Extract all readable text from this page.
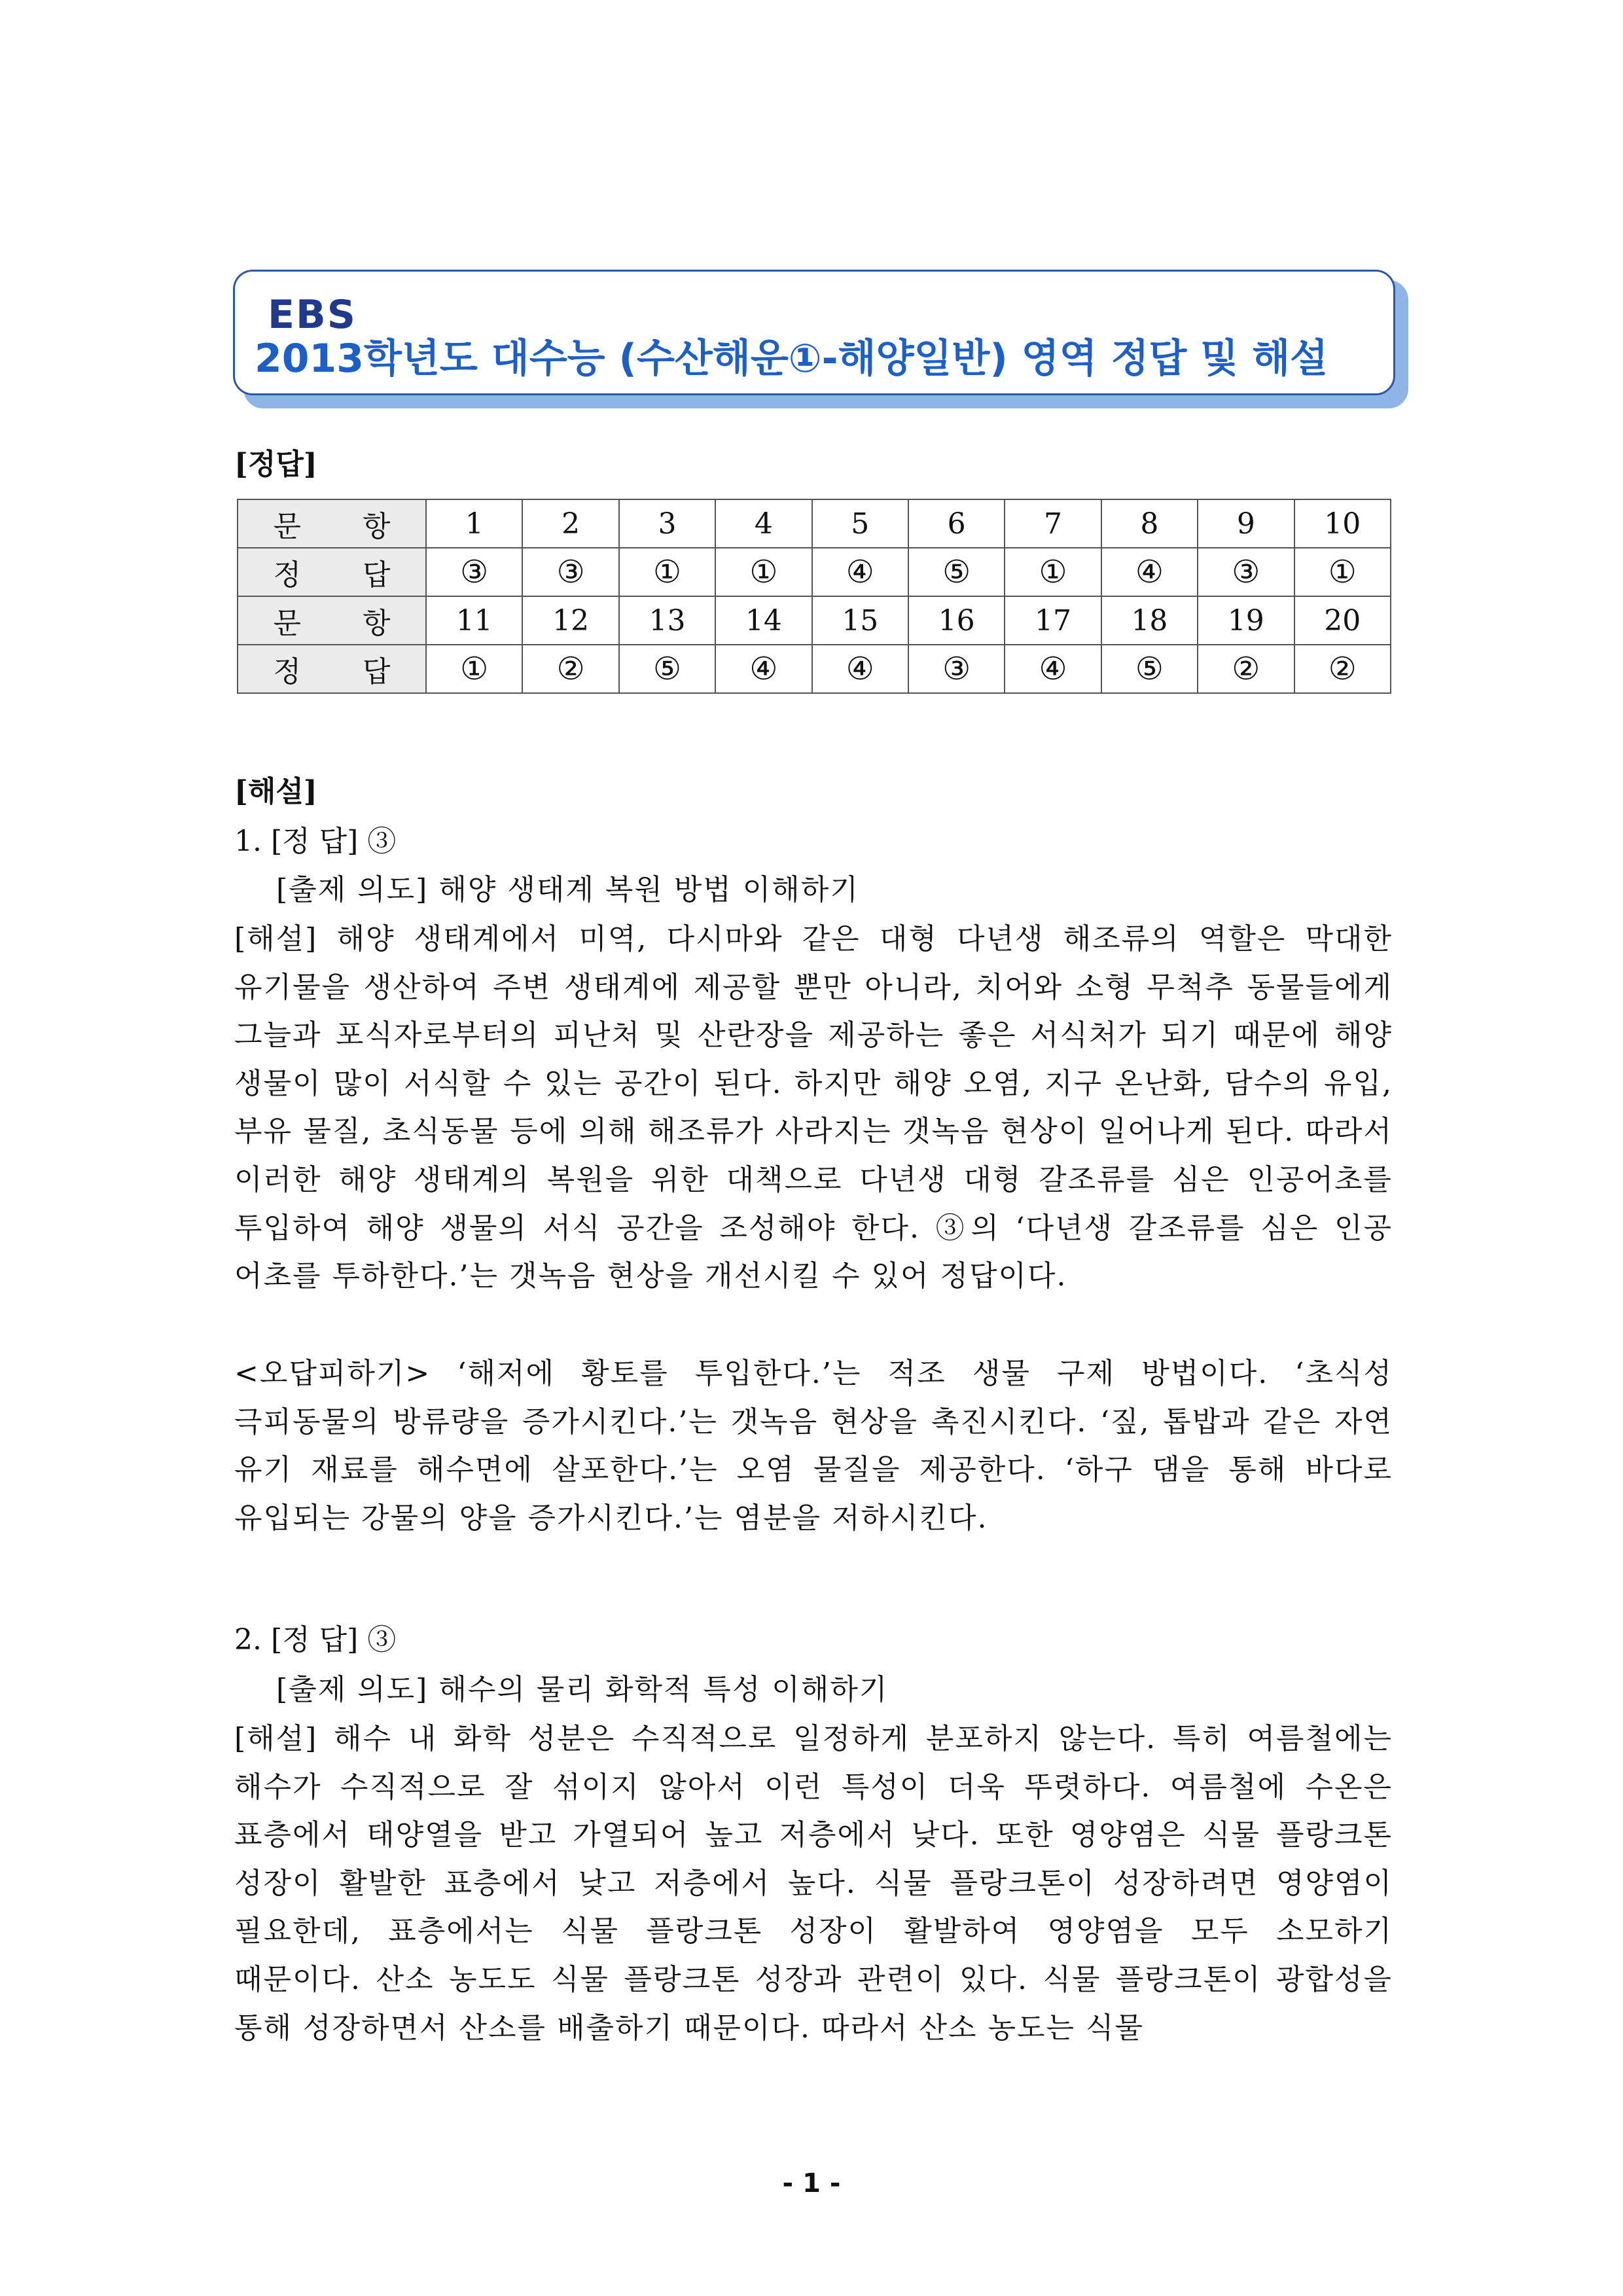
EBS
2013학년도 대수능 (수산해운①-해양일반) 영역 정답 및 해설
[정답]
문 항	1	2	3	4	5	6	7	8	9	10
정 답	③	③	①	①	④	⑤	①	④	③	①
문 항	11	12	13	14	15	16	17	18	19	20
정 답	①	②	⑤	④	④	③	④	⑤	②	②
[해설]
1. [정 답] ③
[출제 의도] 해양 생태계 복원 방법 이해하기
[해설] 해양 생태계에서 미역, 다시마와 같은 대형 다년생 해조류의 역할은 막대한 유기물을 생산하여 주변 생태계에 제공할 뿐만 아니라, 치어와 소형 무척추 동물들에게 그늘과 포식자로부터의 피난처 및 산란장을 제공하는 좋은 서식처가 되기 때문에 해양 생물이 많이 서식할 수 있는 공간이 된다. 하지만 해양 오염, 지구 온난화, 담수의 유입, 부유 물질, 초식동물 등에 의해 해조류가 사라지는 갯녹음 현상이 일어나게 된다. 따라서 이러한 해양 생태계의 복원을 위한 대책으로 다년생 대형 갈조류를 심은 인공어초를 투입하여 해양 생물의 서식 공간을 조성해야 한다. ③의 ‘다년생 갈조류를 심은 인공 어초를 투하한다.’는 갯녹음 현상을 개선시킬 수 있어 정답이다.
<오답피하기> ‘해저에 황토를 투입한다.’는 적조 생물 구제 방법이다. ‘초식성 극피동물의 방류량을 증가시킨다.’는 갯녹음 현상을 촉진시킨다. ‘짚, 톱밥과 같은 자연 유기 재료를 해수면에 살포한다.’는 오염 물질을 제공한다. ‘하구 댐을 통해 바다로 유입되는 강물의 양을 증가시킨다.’는 염분을 저하시킨다.
2. [정 답] ③
[출제 의도] 해수의 물리 화학적 특성 이해하기
[해설] 해수 내 화학 성분은 수직적으로 일정하게 분포하지 않는다. 특히 여름철에는 해수가 수직적으로 잘 섞이지 않아서 이런 특성이 더욱 뚜렷하다. 여름철에 수온은 표층에서 태양열을 받고 가열되어 높고 저층에서 낮다. 또한 영양염은 식물 플랑크톤 성장이 활발한 표층에서 낮고 저층에서 높다. 식물 플랑크톤이 성장하려면 영양염이 필요한데, 표층에서는 식물 플랑크톤 성장이 활발하여 영양염을 모두 소모하기 때문이다. 산소 농도도 식물 플랑크톤 성장과 관련이 있다. 식물 플랑크톤이 광합성을 통해 성장하면서 산소를 배출하기 때문이다. 따라서 산소 농도는 식물
- 1 -
